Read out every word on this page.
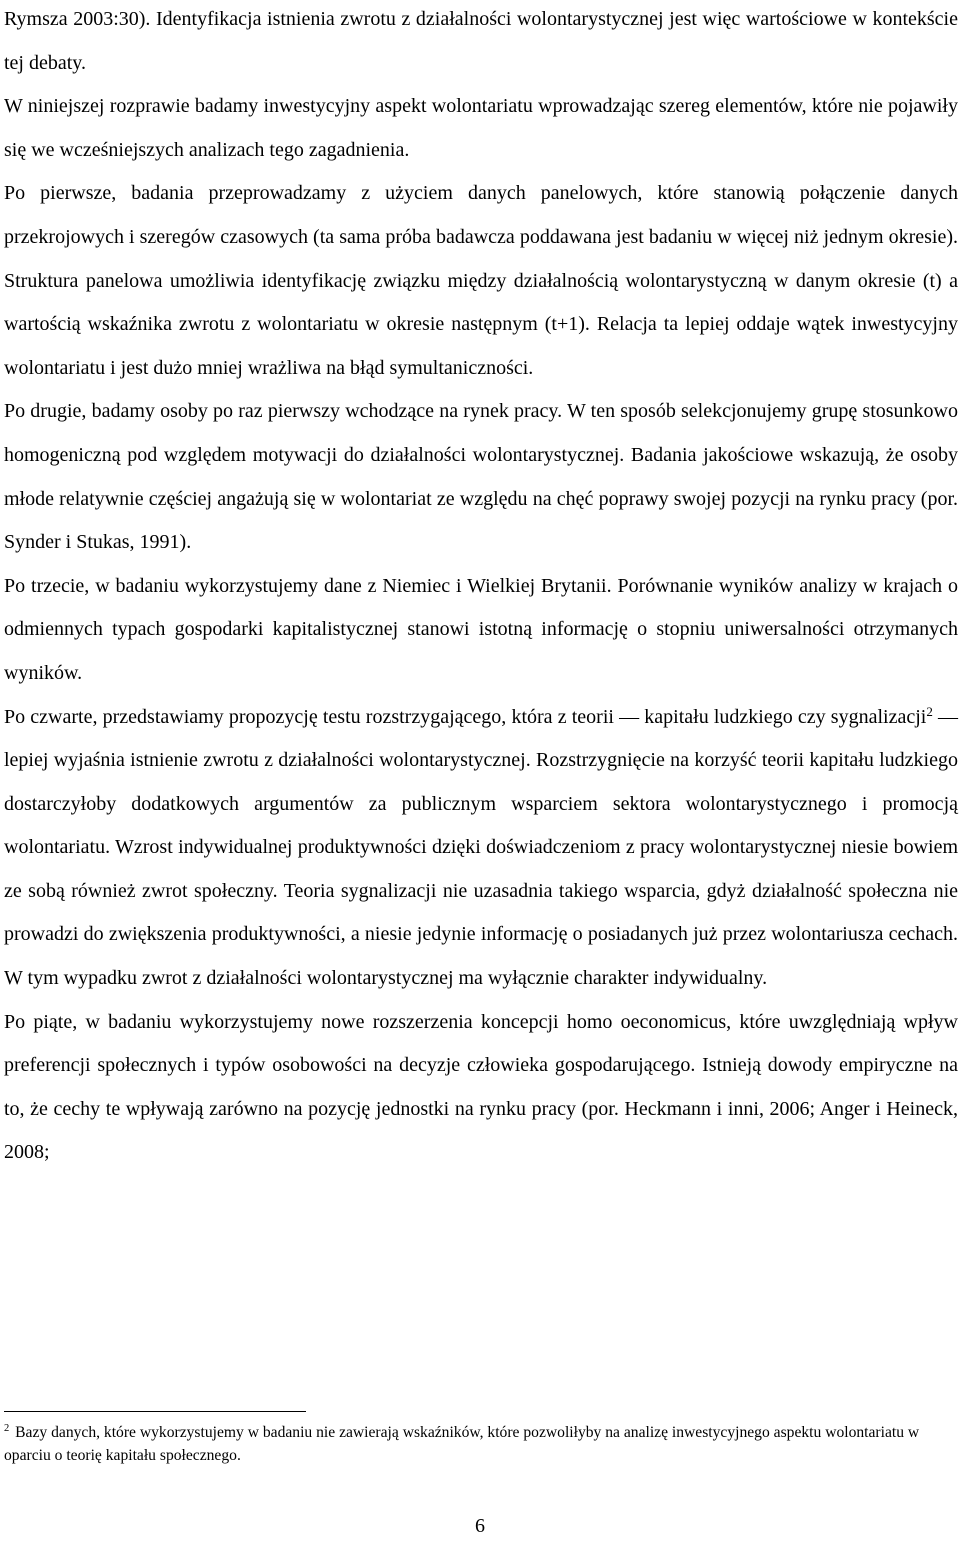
Rymsza 2003:30). Identyfikacja istnienia zwrotu z działalności wolontarystycznej jest więc wartościowe w kontekście tej debaty.

W niniejszej rozprawie badamy inwestycyjny aspekt wolontariatu wprowadzając szereg elementów, które nie pojawiły się we wcześniejszych analizach tego zagadnienia.

Po pierwsze, badania przeprowadzamy z użyciem danych panelowych, które stanowią połączenie danych przekrojowych i szeregów czasowych (ta sama próba badawcza poddawana jest badaniu w więcej niż jednym okresie). Struktura panelowa umożliwia identyfikację związku między działalnością wolontarystyczną w danym okresie (t) a wartością wskaźnika zwrotu z wolontariatu w okresie następnym (t+1). Relacja ta lepiej oddaje wątek inwestycyjny wolontariatu i jest dużo mniej wrażliwa na błąd symultaniczności.

Po drugie, badamy osoby po raz pierwszy wchodzące na rynek pracy. W ten sposób selekcjonujemy grupę stosunkowo homogeniczną pod względem motywacji do działalności wolontarystycznej. Badania jakościowe wskazują, że osoby młode relatywnie częściej angażują się w wolontariat ze względu na chęć poprawy swojej pozycji na rynku pracy (por. Synder i Stukas, 1991).

Po trzecie, w badaniu wykorzystujemy dane z Niemiec i Wielkiej Brytanii. Porównanie wyników analizy w krajach o odmiennych typach gospodarki kapitalistycznej stanowi istotną informację o stopniu uniwersalności otrzymanych wyników.

Po czwarte, przedstawiamy propozycję testu rozstrzygającego, która z teorii — kapitału ludzkiego czy sygnalizacji$^2$ — lepiej wyjaśnia istnienie zwrotu z działalności wolontarystycznej. Rozstrzygnięcie na korzyść teorii kapitału ludzkiego dostarczyłoby dodatkowych argumentów za publicznym wsparciem sektora wolontarystycznego i promocją wolontariatu. Wzrost indywidualnej produktywności dzięki doświadczeniom z pracy wolontarystycznej niesie bowiem ze sobą również zwrot społeczny. Teoria sygnalizacji nie uzasadnia takiego wsparcia, gdyż działalność społeczna nie prowadzi do zwiększenia produktywności, a niesie jedynie informację o posiadanych już przez wolontariusza cechach. W tym wypadku zwrot z działalności wolontarystycznej ma wyłącznie charakter indywidualny.

Po piąte, w badaniu wykorzystujemy nowe rozszerzenia koncepcji homo oeconomicus, które uwzględniają wpływ preferencji społecznych i typów osobowości na decyzje człowieka gospodarującego. Istnieją dowody empiryczne na to, że cechy te wpływają zarówno na pozycję jednostki na rynku pracy (por. Heckmann i inni, 2006; Anger i Heineck, 2008;

$^2$ Bazy danych, które wykorzystujemy w badaniu nie zawierają wskaźników, które pozwoliłyby na analizę inwestycyjnego aspektu wolontariatu w oparciu o teorię kapitału społecznego.

6
